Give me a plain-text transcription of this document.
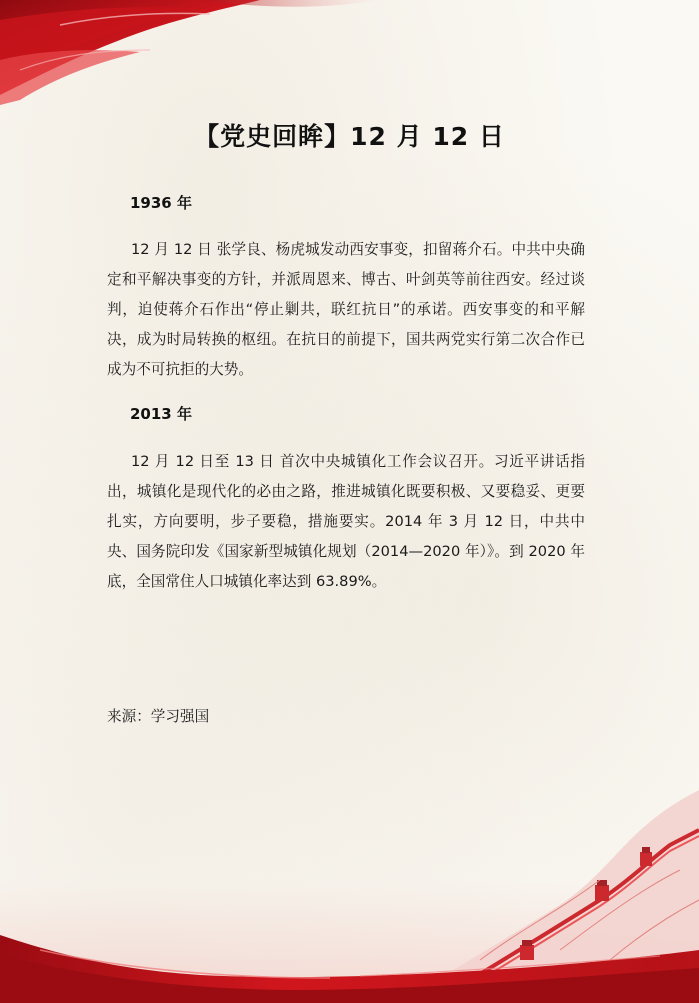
【党史回眸】12 月 12 日
1936 年
12 月 12 日 张学良、杨虎城发动西安事变，扣留蒋介石。中共中央确定和平解决事变的方针，并派周恩来、博古、叶剑英等前往西安。经过谈判，迫使蒋介石作出“停止剿共，联红抗日”的承诺。西安事变的和平解决，成为时局转换的枢纽。在抗日的前提下，国共两党实行第二次合作已成为不可抗拒的大势。
2013 年
12 月 12 日至 13 日 首次中央城镇化工作会议召开。习近平讲话指出，城镇化是现代化的必由之路，推进城镇化既要积极、又要稳妥、更要扎实，方向要明，步子要稳，措施要实。2014 年 3 月 12 日，中共中央、国务院印发《国家新型城镇化规划（2014—2020 年）》。到 2020 年底，全国常住人口城镇化率达到 63.89%。
来源：学习强国
